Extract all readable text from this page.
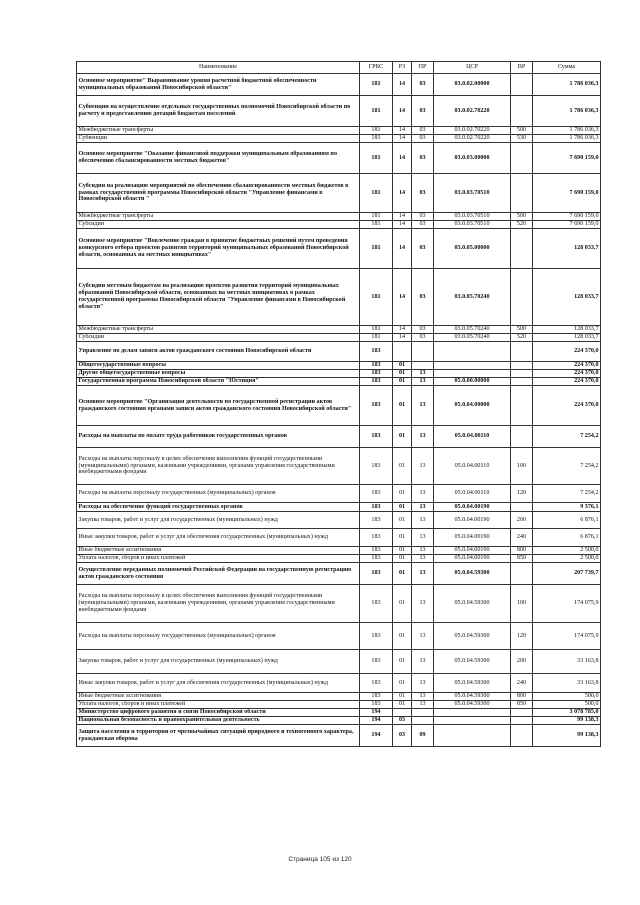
Наименование	ГРБС	РЗ	ПР	ЦСР	ВР	Сумма
Основное мероприятие" Выравнивание уровня расчетной бюджетной обеспеченности муниципальных образований Новосибирской области"	181	14	03	03.0.02.00000		1 786 036,3
Субвенции на осуществление отдельных государственных полномочий Новосибирской области по расчету и предоставлению дотаций бюджетам поселений	181	14	03	03.0.02.70220		1 786 036,3
Межбюджетные трансферты	181	14	03	03.0.02.70220	500	1 786 036,3
Субвенции	181	14	03	03.0.02.70220	530	1 786 036,3
Основное мероприятие "Оказание финансовой поддержки муниципальным образованиям по обеспечению сбалансированности местных бюджетов"	181	14	03	03.0.03.00000		7 690 159,0
Субсидии на реализацию мероприятий по обеспечению сбалансированности местных бюджетов в рамках государственной программы Новосибирской области "Управление финансами в Новосибирской области "	181	14	03	03.0.03.70510		7 690 159,0
Межбюджетные трансферты	181	14	03	03.0.03.70510	500	7 690 159,0
Субсидии	181	14	03	03.0.03.70510	520	7 690 159,0
Основное мероприятие "Вовлечение граждан в принятие бюджетных решений путем проведения конкурсного отбора проектов развития территорий муниципальных образований Новосибирской области, основанных на местных инициативах"	181	14	03	03.0.05.00000		128 033,7
Субсидии местным бюджетам на реализацию проектов развития территорий муниципальных образований Новосибирской области, основанных на местных инициативах в рамках государственной программы Новосибирской области "Управление финансами в Новосибирской области"	181	14	03	03.0.05.70240		128 033,7
Межбюджетные трансферты	181	14	03	03.0.05.70240	500	128 033,7
Субсидии	181	14	03	03.0.05.70240	520	128 033,7
Управление по делам записи актов гражданского состояния Новосибирской области	183					224 370,0
Общегосударственные вопросы	183	01				224 370,0
Другие общегосударственные вопросы	183	01	13			224 370,0
Государственная программа Новосибирской области "Юстиция"	183	01	13	05.0.00.00000		224 370,0
Основное мероприятие "Организация деятельности по государственной регистрации актов гражданского состояния органами записи актов гражданского состояния Новосибирской области"	183	01	13	05.0.04.00000		224 370,0
Расходы на выплаты по оплате труда работников государственных органов	183	01	13	05.0.04.00110		7 254,2
Расходы на выплаты персоналу в целях обеспечения выполнения функций государственными (муниципальными) органами, казенными учреждениями, органами управления государственными внебюджетными фондами	183	01	13	05.0.04.00110	100	7 254,2
Расходы на выплаты персоналу государственных (муниципальных) органов	183	01	13	05.0.04.00110	120	7 254,2
Расходы на обеспечение функций государственных органов	183	01	13	05.0.04.00190		9 376,1
Закупка товаров, работ и услуг для государственных (муниципальных) нужд	183	01	13	05.0.04.00190	200	6 876,1
Иные закупки товаров, работ и услуг для обеспечения государственных (муниципальных) нужд	183	01	13	05.0.04.00190	240	6 876,1
Иные бюджетные ассигнования	183	01	13	05.0.04.00190	800	2 500,0
Уплата налогов, сборов и иных платежей	183	01	13	05.0.04.00190	850	2 500,0
Осуществление переданных полномочий Российской Федерации на государственную регистрацию актов гражданского состояния	183	01	13	05.0.04.59300		207 739,7
Расходы на выплаты персоналу в целях обеспечения выполнения функций государственными (муниципальными) органами, казенными учреждениями, органами управления государственными внебюджетными фондами	183	01	13	05.0.04.59300	100	174 075,9
Расходы на выплаты персоналу государственных (муниципальных) органов	183	01	13	05.0.04.59300	120	174 075,9
Закупка товаров, работ и услуг для государственных (муниципальных) нужд	183	01	13	05.0.04.59300	200	33 163,8
Иные закупки товаров, работ и услуг для обеспечения государственных (муниципальных) нужд	183	01	13	05.0.04.59300	240	33 163,8
Иные бюджетные ассигнования	183	01	13	05.0.04.59300	800	500,0
Уплата налогов, сборов и иных платежей	183	01	13	05.0.04.59300	850	500,0
Министерство цифрового развития и связи Новосибирской области	194					3 078 785,0
Национальная безопасность и правоохранительная деятельность	194	03				99 138,3
Защита населения и территории от чрезвычайных ситуаций природного и техногенного характера, гражданская оборона	194	03	09			99 138,3
Страница 105 из 120
